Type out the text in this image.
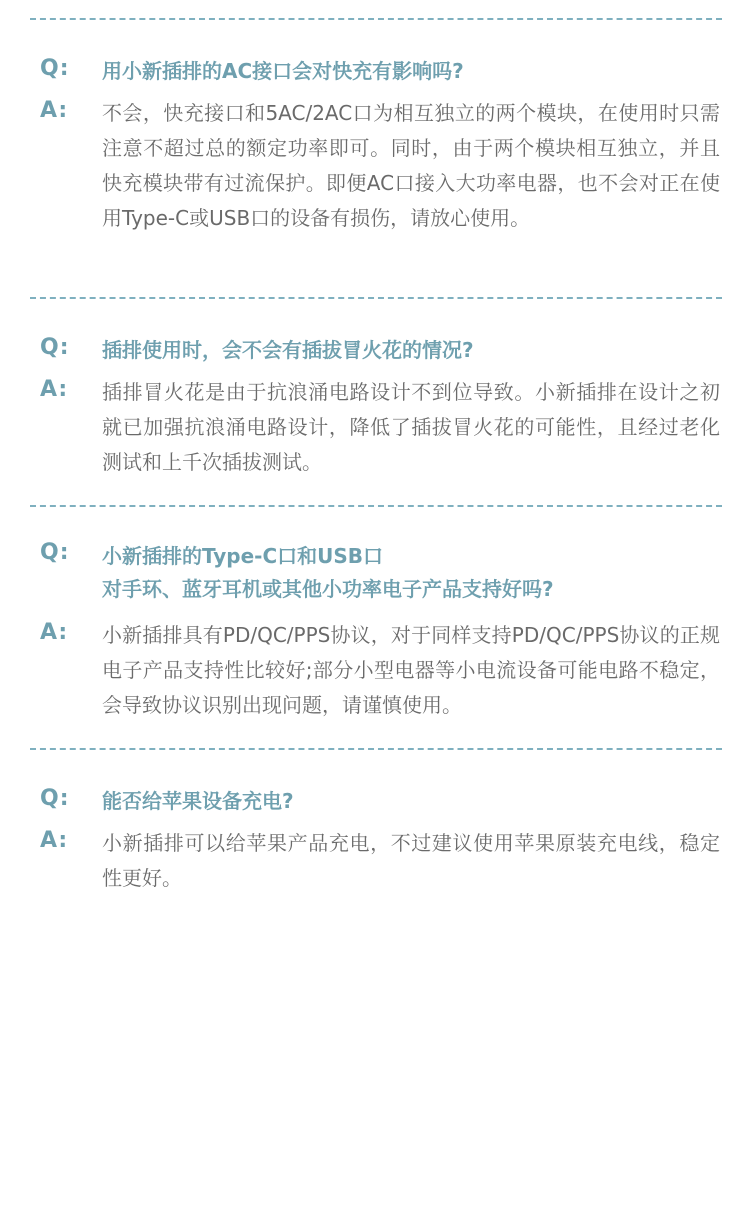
Q: 用小新插排的AC接口会对快充有影响吗?
A: 不会，快充接口和5AC/2AC口为相互独立的两个模块，在使用时只需注意不超过总的额定功率即可。同时，由于两个模块相互独立，并且快充模块带有过流保护。即便AC口接入大功率电器，也不会对正在使用Type-C或USB口的设备有损伤，请放心使用。
Q: 插排使用时，会不会有插拔冒火花的情况?
A: 插排冒火花是由于抗浪涌电路设计不到位导致。小新插排在设计之初就已加强抗浪涌电路设计，降低了插拔冒火花的可能性，且经过老化测试和上千次插拔测试。
Q: 小新插排的Type-C口和USB口
对手环、蓝牙耳机或其他小功率电子产品支持好吗?
A: 小新插排具有PD/QC/PPS协议，对于同样支持PD/QC/PPS协议的正规电子产品支持性比较好;部分小型电器等小电流设备可能电路不稳定，会导致协议识别出现问题，请谨慎使用。
Q: 能否给苹果设备充电?
A: 小新插排可以给苹果产品充电，不过建议使用苹果原装充电线，稳定性更好。
